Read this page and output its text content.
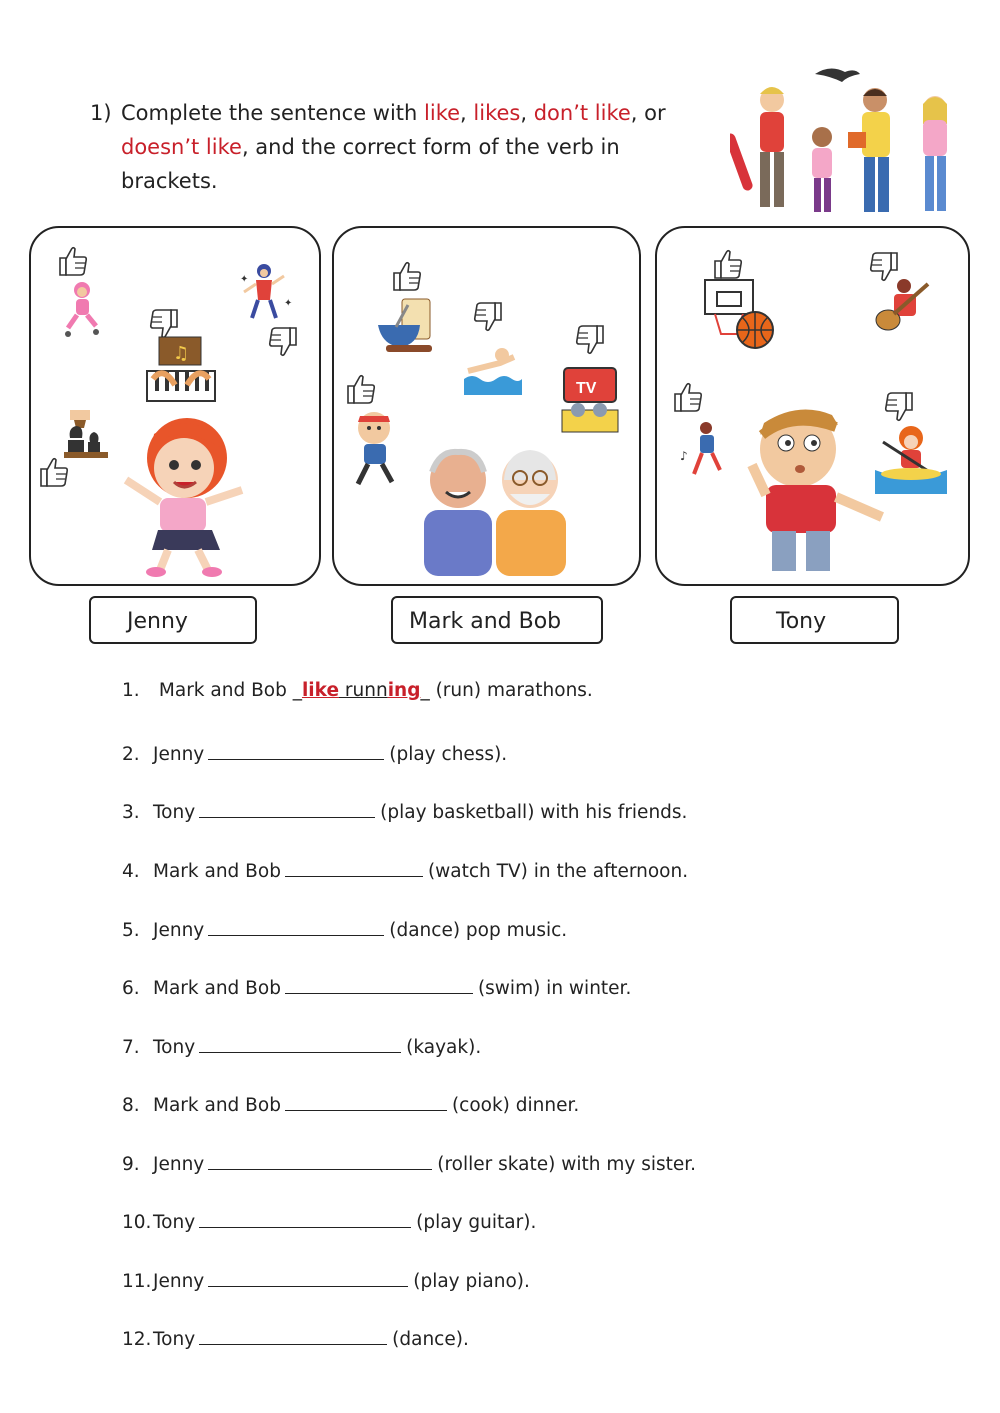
1) Complete the sentence with like, likes, don’t like, or
doesn’t like, and the correct form of the verb in brackets.
✦
✦
♫
TV
♪
Jenny	Mark and Bob	Tony
1. Mark and Bob _like running_ (run) marathons.
2. Jenny	(play chess).
3. Tony	(play basketball) with his friends.
4. Mark and Bob	(watch TV) in the afternoon.
5. Jenny	(dance) pop music.
6. Mark and Bob	(swim) in winter.
7. Tony	(kayak).
8. Mark and Bob	(cook) dinner.
9. Jenny	(roller skate) with my sister.
10.Tony	(play guitar).
11.Jenny	(play piano).
12.Tony	(dance).
